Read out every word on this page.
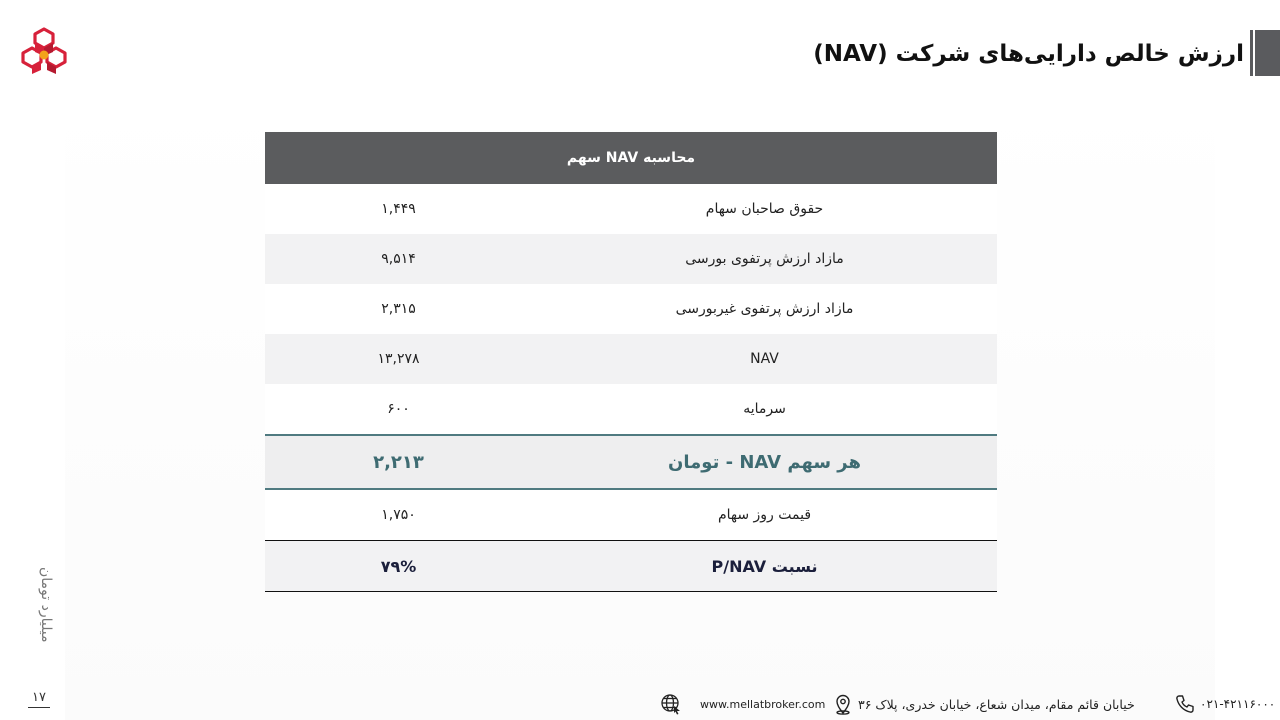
ارزش خالص دارایی‌های شرکت (NAV)
محاسبه NAV سهم	
۱,۴۴۹	حقوق صاحبان سهام
۹,۵۱۴	مازاد ارزش پرتفوی بورسی
۲,۳۱۵	مازاد ارزش پرتفوی غیربورسی
۱۳,۲۷۸	NAV
۶۰۰	سرمایه
۲,۲۱۳	هر سهم NAV - تومان
۱,۷۵۰	قیمت روز سهام
۷۹%	نسبت P/NAV
میلیارد تومان
۱۷	www.mellatbroker.com	خیابان قائم مقام، میدان شعاع، خیابان خدری، پلاک ۳۶	۰۲۱-۴۲۱۱۶۰۰۰
